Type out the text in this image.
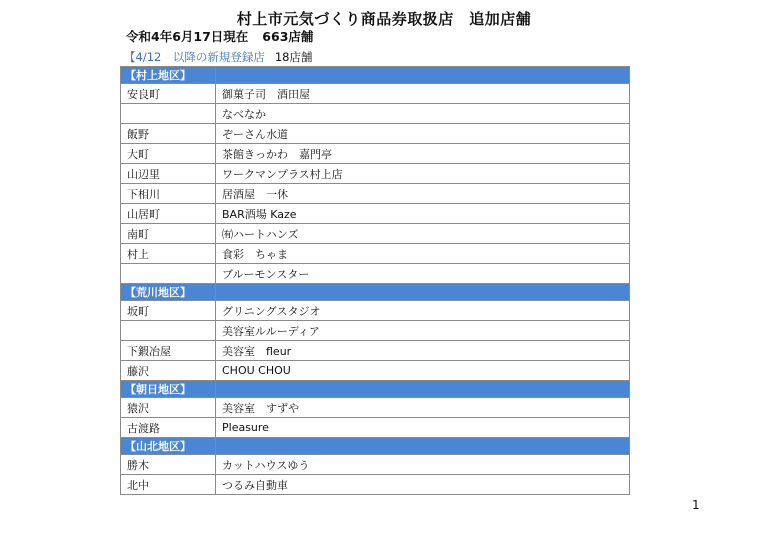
村上市元気づくり商品券取扱店　追加店舗
令和4年6月17日現在 663店舗
【4/12　以降の新規登録店 18店舗
【村上地区】	
安良町	御菓子司　酒田屋
	なべなか
飯野	ぞーさん水道
大町	茶館きっかわ　嘉門亭
山辺里	ワークマンプラス村上店
下相川	居酒屋　一休
山居町	BAR酒場 Kaze
南町	㈲ハートハンズ
村上	食彩　ちゃま
	ブルーモンスター
【荒川地区】	
坂町	グリニングスタジオ
	美容室ルルーディア
下鍜冶屋	美容室　fleur
藤沢	CHOU CHOU
【朝日地区】	
猿沢	美容室　すずや
古渡路	Pleasure
【山北地区】	
勝木	カットハウスゆう
北中	つるみ自動車
1
